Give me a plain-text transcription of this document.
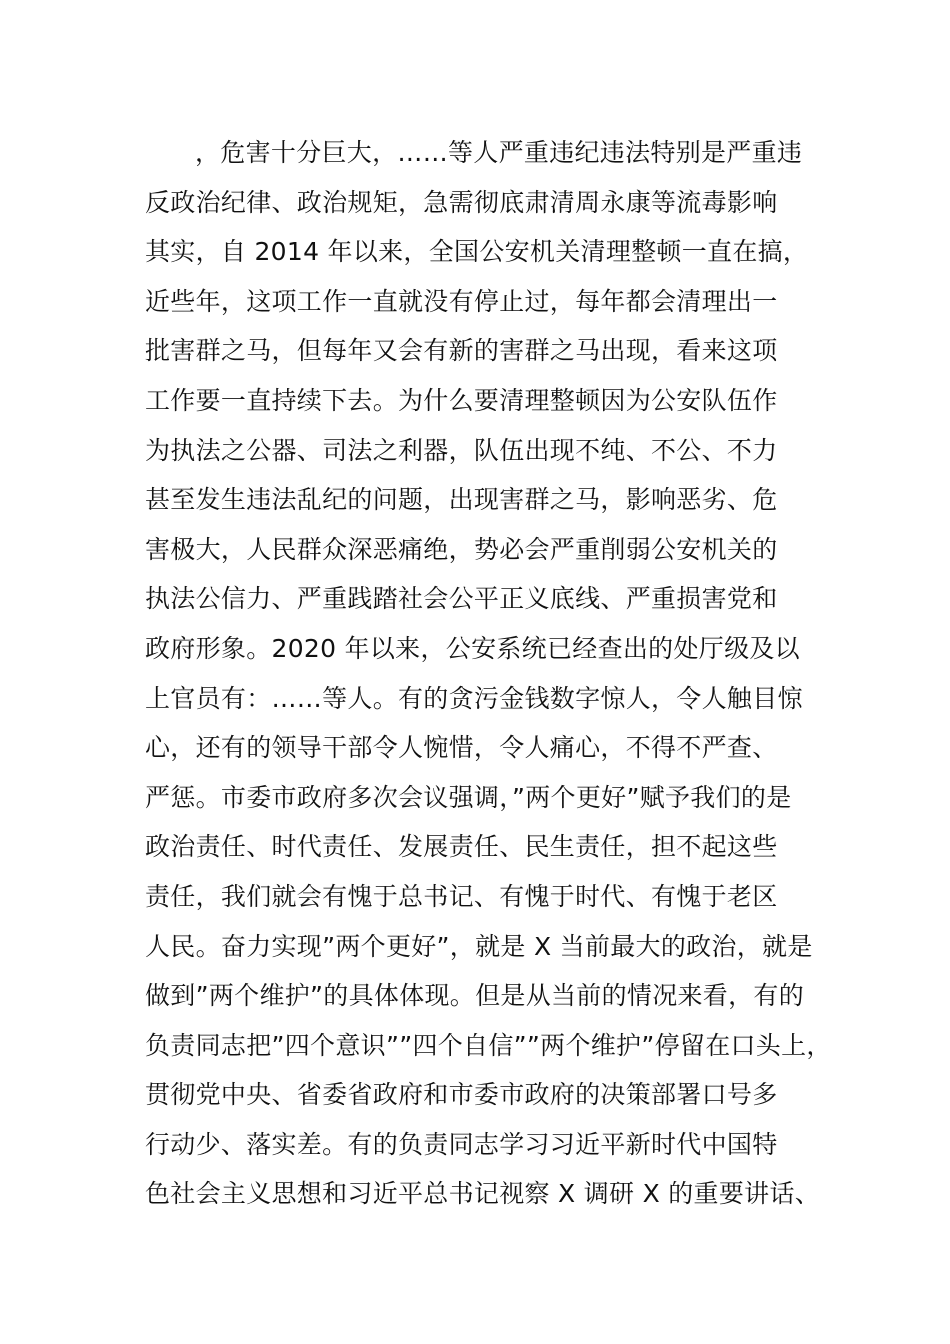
，危害十分巨大，……等人严重违纪违法特别是严重违
反政治纪律、政治规矩，急需彻底肃清周永康等流毒影响
其实，自 2014 年以来，全国公安机关清理整顿一直在搞，
近些年，这项工作一直就没有停止过，每年都会清理出一
批害群之马，但每年又会有新的害群之马出现，看来这项
工作要一直持续下去。为什么要清理整顿因为公安队伍作
为执法之公器、司法之利器，队伍出现不纯、不公、不力
甚至发生违法乱纪的问题，出现害群之马，影响恶劣、危
害极大，人民群众深恶痛绝，势必会严重削弱公安机关的
执法公信力、严重践踏社会公平正义底线、严重损害党和
政府形象。2020 年以来，公安系统已经查出的处厅级及以
上官员有：……等人。有的贪污金钱数字惊人，令人触目惊
心，还有的领导干部令人惋惜，令人痛心，不得不严查、
严惩。市委市政府多次会议强调，”两个更好”赋予我们的是
政治责任、时代责任、发展责任、民生责任，担不起这些
责任，我们就会有愧于总书记、有愧于时代、有愧于老区
人民。奋力实现”两个更好”，就是 X 当前最大的政治，就是
做到”两个维护”的具体体现。但是从当前的情况来看，有的
负责同志把”四个意识””四个自信””两个维护”停留在口头上，
贯彻党中央、省委省政府和市委市政府的决策部署口号多
行动少、落实差。有的负责同志学习习近平新时代中国特
色社会主义思想和习近平总书记视察 X 调研 X 的重要讲话、
